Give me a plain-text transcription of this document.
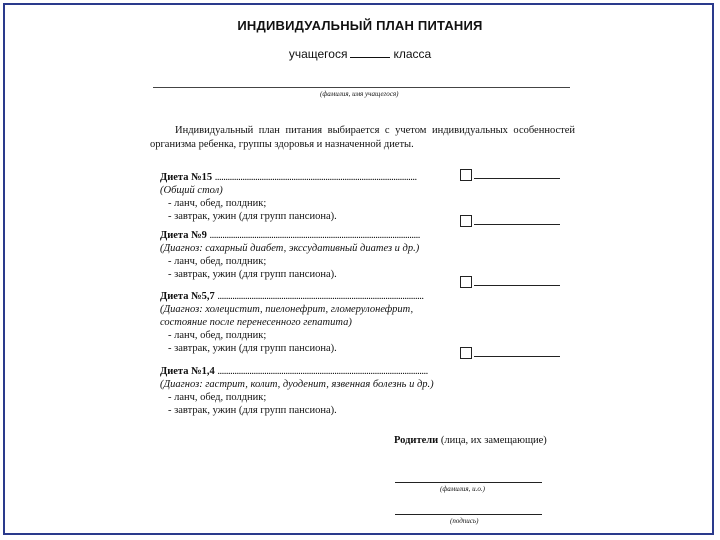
ИНДИВИДУАЛЬНЫЙ ПЛАН ПИТАНИЯ
учащегося	класса
(фамилия, имя учащегося)

Индивидуальный план питания выбирается с учетом индивидуальных особенностей организма ребенка, группы здоровья и назначенной диеты.

Диета №15 ...............................................................................................
(Общий стол)
- ланч, обед, полдник;
- завтрак, ужин (для групп пансиона).
Диета №9 ...................................................................................................
(Диагноз: сахарный диабет, экссудативный диатез и др.)
- ланч, обед, полдник;
- завтрак, ужин (для групп пансиона).
Диета №5,7 .................................................................................................
(Диагноз: холецистит, пиелонефрит, гломерулонефрит,
состояние после перенесенного гепатита)
- ланч, обед, полдник;
- завтрак, ужин (для групп пансиона).
Диета №1,4 ...................................................................................................
(Диагноз: гастрит, колит, дуоденит, язвенная болезнь и др.)
- ланч, обед, полдник;
- завтрак, ужин (для групп пансиона).
Родители (лица, их замещающие)
(фамилия, и.о.)
(подпись)
